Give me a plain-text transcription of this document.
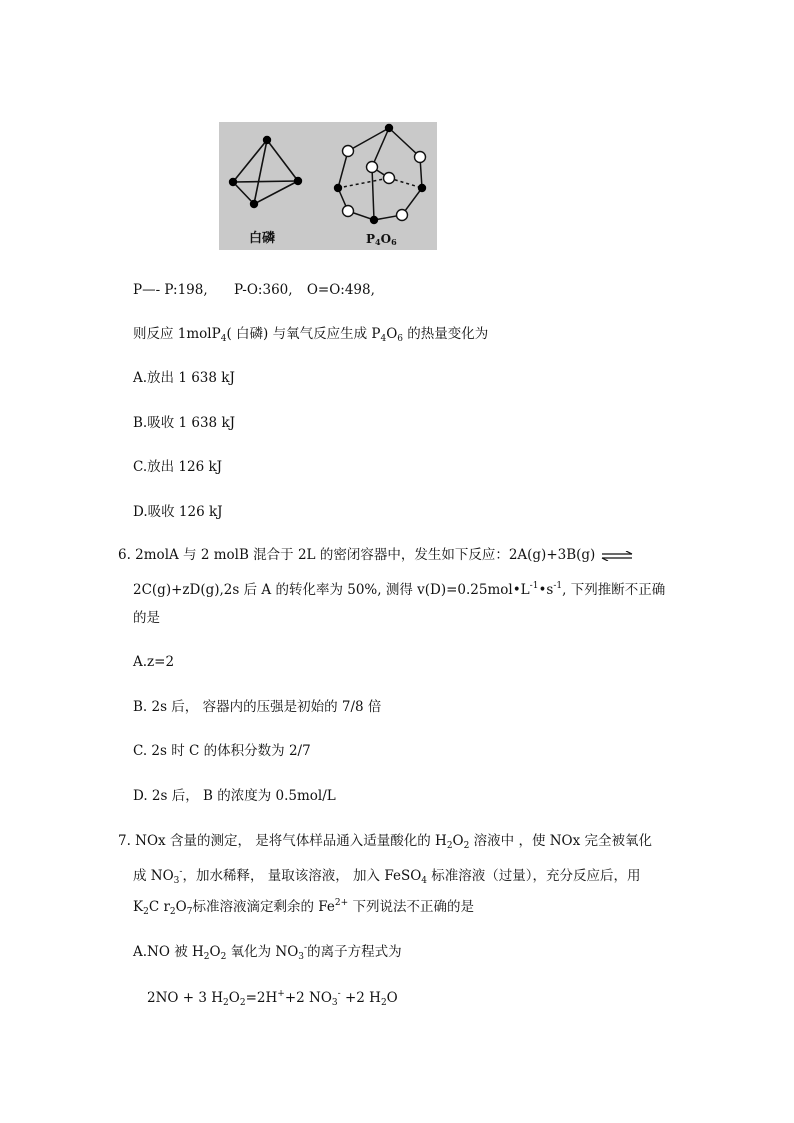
白磷	P4O6
P—- P:198, P-O:360, O=O:498,
则反应 1molP$_4$( 白磷) 与氧气反应生成 $P_4O_6$ 的热量变化为
A.放出 1 638 kJ
B.吸收 1 638 kJ
C.放出 126 kJ
D.吸收 126 kJ
6. 2molA 与 2 molB 混合于 2L 的密闭容器中，发生如下反应：2A(g)+3B(g) ⇌
2C(g)+zD(g),2s 后 A 的转化率为 50%, 测得 $v(D)=0.25mol•L^{-1}•s^{-1}$, 下列推断不正确
的是
A.z=2
B. 2s 后， 容器内的压强是初始的 7/8 倍
C. 2s 时 C 的体积分数为 2/7
D. 2s 后， B 的浓度为 0.5mol/L
7. NOx 含量的测定， 是将气体样品通入适量酸化的 $H_2O_2$ 溶液中 ，使 NOx 完全被氧化
成 $NO_3^-$，加水稀释， 量取该溶液， 加入 FeSO$_4$ 标准溶液（过量），充分反应后，用
$K_2C$ $r_2O_7$标准溶液滴定剩余的 $Fe^{2+}$ 下列说法不正确的是
A.NO 被 $H_2O_2$ 氧化为 $NO_3^-$的离子方程式为
2NO + 3 $H_2O_2=2H^++2$ $NO_3^- +2$ $H_2O$
